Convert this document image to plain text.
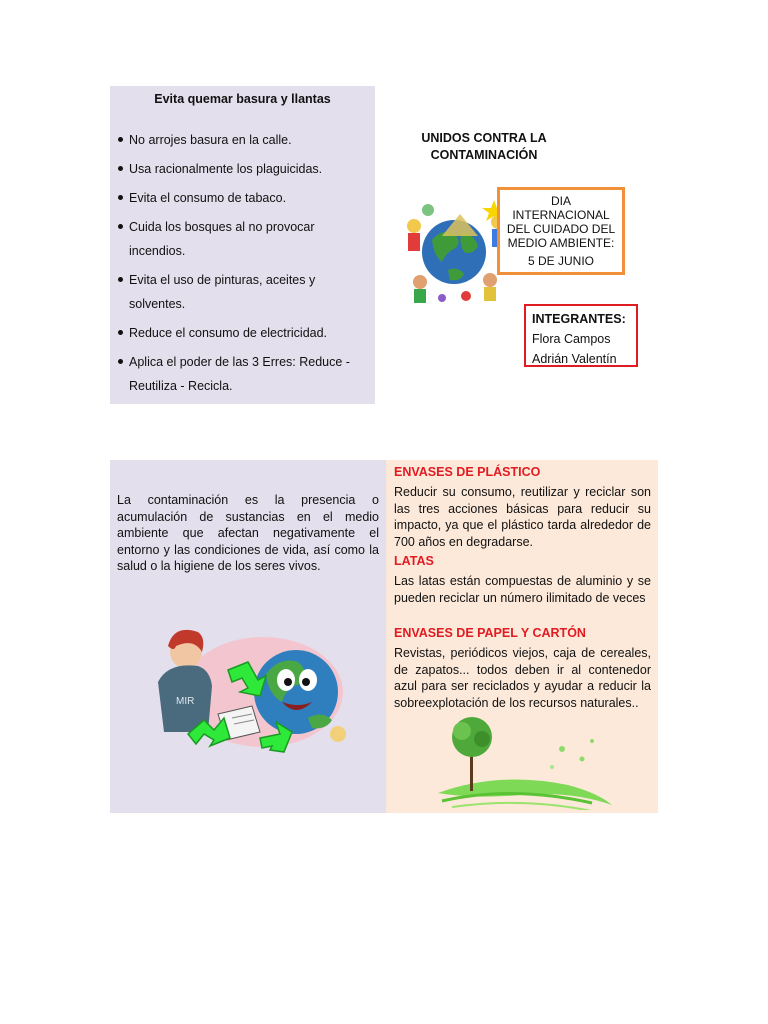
Evita quemar basura y llantas
No arrojes basura en la calle.
Usa racionalmente los plaguicidas.
Evita el consumo de tabaco.
Cuida los bosques al no provocar incendios.
Evita el uso de pinturas, aceites y solventes.
Reduce el consumo de electricidad.
Aplica el poder de las 3 Erres: Reduce - Reutiliza - Recicla.
UNIDOS CONTRA LA
CONTAMINACIÓN
DIA
INTERNACIONAL
DEL CUIDADO DEL
MEDIO AMBIENTE:
5 DE JUNIO
INTEGRANTES:
Flora Campos
Adrián Valentín
La contaminación es la presencia o acumulación de sustancias en el medio ambiente que afectan negativamente el entorno y las condiciones de vida, así como la salud o la higiene de los seres vivos.
MIR
ENVASES DE PLÁSTICO
Reducir su consumo, reutilizar y reciclar son las tres acciones básicas para reducir su impacto, ya que el plástico tarda alrededor de 700 años en degradarse.
LATAS
Las latas están compuestas de aluminio y se pueden reciclar un número ilimitado de veces
ENVASES DE PAPEL Y CARTÓN
Revistas, periódicos viejos, caja de cereales, de zapatos... todos deben ir al contenedor azul para ser reciclados y ayudar a reducir la sobreexplotación de los recursos naturales..
